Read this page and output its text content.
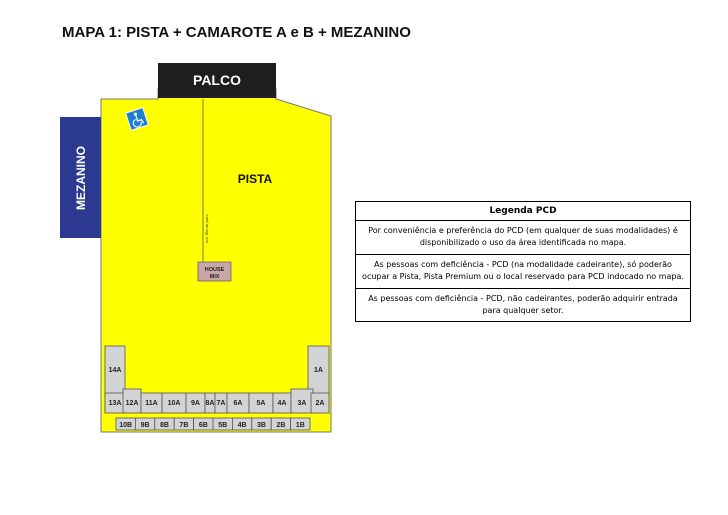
MAPA 1: PISTA + CAMAROTE A e B + MEZANINO
PALCO
MEZANINO	PISTA
min. 36m do palco
HOUSE
MIX
14A	1A
13A 12A 11A 10A 9A 8A 7A 6A 5A 4A 3A 2A
10B 9B 8B 7B 6B 5B 4B 3B 2B 1B
Legenda PCD
Por conveniência e preferência do PCD (em qualquer de suas modalidades) é disponibilizado o uso da área identificada no mapa.
As pessoas com deficiência - PCD (na modalidade cadeirante), só poderão ocupar a Pista, Pista Premium ou o local reservado para PCD indocado no mapa.
As pessoas com deficiência - PCD, não cadeirantes, poderão adquirir entrada para qualquer setor.
